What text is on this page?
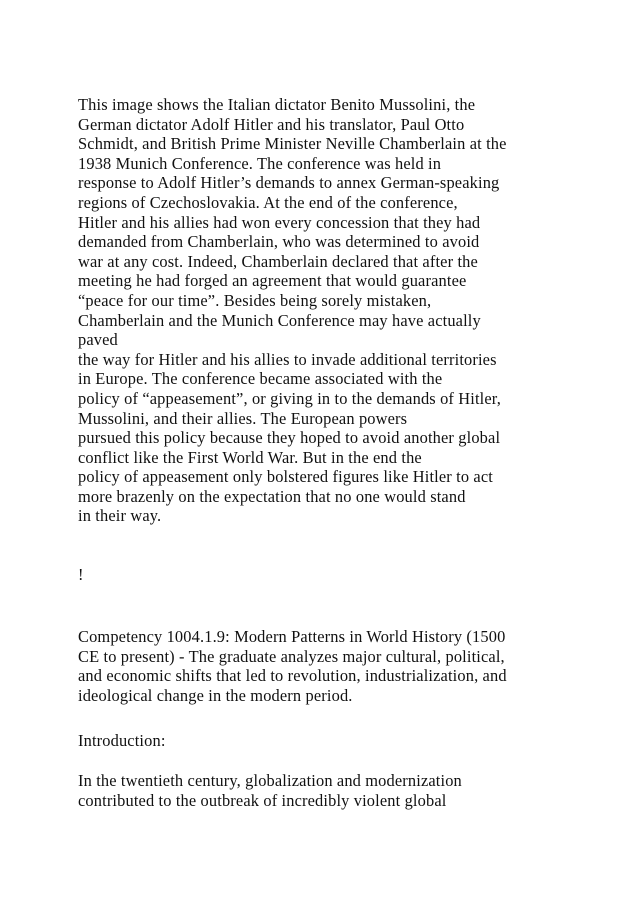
This image shows the Italian dictator Benito Mussolini, the
German dictator Adolf Hitler and his translator, Paul Otto
Schmidt, and British Prime Minister Neville Chamberlain at the
1938 Munich Conference. The conference was held in
response to Adolf Hitler’s demands to annex German-speaking
regions of Czechoslovakia. At the end of the conference,
Hitler and his allies had won every concession that they had
demanded from Chamberlain, who was determined to avoid
war at any cost. Indeed, Chamberlain declared that after the
meeting he had forged an agreement that would guarantee
“peace for our time”. Besides being sorely mistaken,
Chamberlain and the Munich Conference may have actually
paved
the way for Hitler and his allies to invade additional territories
in Europe. The conference became associated with the
policy of “appeasement”, or giving in to the demands of Hitler,
Mussolini, and their allies. The European powers
pursued this policy because they hoped to avoid another global
conflict like the First World War. But in the end the
policy of appeasement only bolstered figures like Hitler to act
more brazenly on the expectation that no one would stand
in their way.
!
Competency 1004.1.9: Modern Patterns in World History (1500
CE to present) - The graduate analyzes major cultural, political,
and economic shifts that led to revolution, industrialization, and
ideological change in the modern period.
Introduction:
In the twentieth century, globalization and modernization
contributed to the outbreak of incredibly violent global
